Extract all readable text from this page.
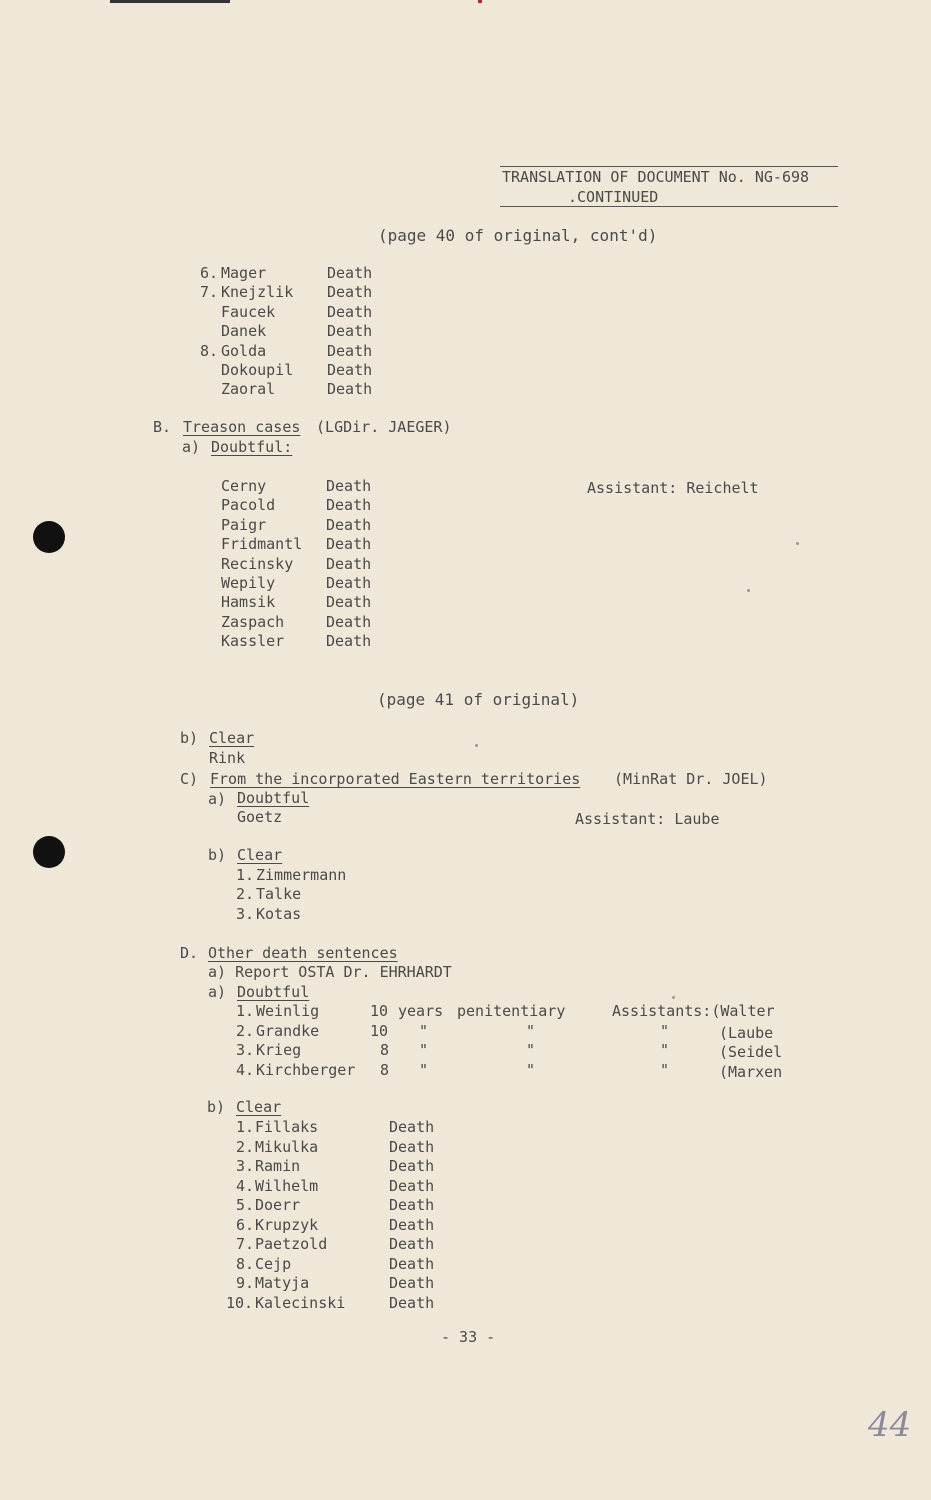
TRANSLATION OF DOCUMENT No. NG-698
.CONTINUED
(page 40 of original, cont'd)
6. Mager	Death
7. Knejzlik Death
Faucek	Death
Danek	Death
8. Golda	Death
Dokoupil Death
Zaoral	Death
B. Treason cases (LGDir. JAEGER)
a) Doubtful:
Assistant: Reichelt
Cerny	Death
Pacold	Death
Paigr	Death
Fridmantl Death
Recinsky Death
Wepily	Death
Hamsik	Death
Zaspach	Death
Kassler	Death
(page 41 of original)
b) Clear
Rink
C) From the incorporated Eastern territories (MinRat Dr. JOEL)
a) Doubtful
Goetz	Assistant: Laube
b) Clear
1. Zimmermann
2. Talke
3. Kotas
D. Other death sentences
a) Report OSTA Dr. EHRHARDT
a) Doubtful
1. Weinlig	10 years penitentiary	Assistants:(Walter
2. Grandke	10 "	"	"	(Laube
3. Krieg	8 "	"	"	(Seidel
4. Kirchberger 8 "	"	"	(Marxen
b) Clear
1. Fillaks	Death
2. Mikulka	Death
3. Ramin	Death
4. Wilhelm	Death
5. Doerr	Death
6. Krupzyk	Death
7. Paetzold	Death
8. Cejp	Death
9. Matyja	Death
10. Kalecinski	Death
- 33 -
44
